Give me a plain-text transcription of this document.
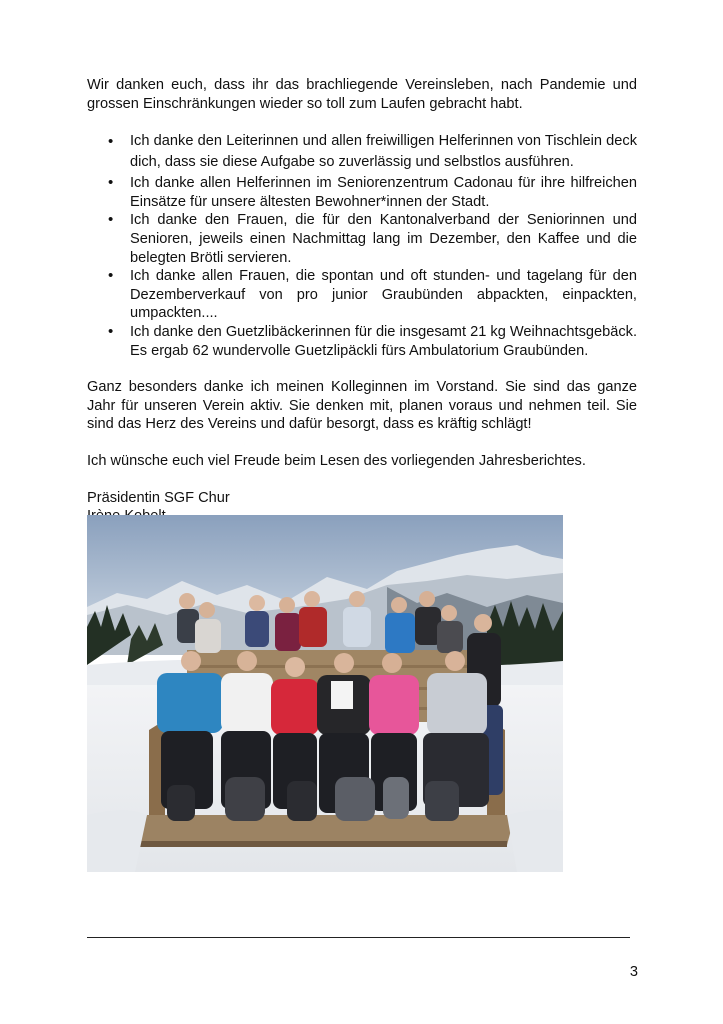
Wir danken euch, dass ihr das brachliegende Vereinsleben, nach Pandemie und grossen Einschränkungen wieder so toll zum Laufen gebracht habt.

• Ich danke den Leiterinnen und allen freiwilligen Helferinnen von Tischlein deck dich, dass sie diese Aufgabe so zuverlässig und selbstlos ausführen.
• Ich danke allen Helferinnen im Seniorenzentrum Cadonau für ihre hilfreichen Einsätze für unsere ältesten Bewohner*innen der Stadt.
• Ich danke den Frauen, die für den Kantonalverband der Seniorinnen und Senioren, jeweils einen Nachmittag lang im Dezember, den Kaffee und die belegten Brötli servieren.
• Ich danke allen Frauen, die spontan und oft stunden- und tagelang für den Dezemberverkauf von pro junior Graubünden abpackten, einpackten, umpackten....
• Ich danke den Guetzlibäckerinnen für die insgesamt 21 kg Weihnachtsgebäck. Es ergab 62 wundervolle Guetzlipäckli fürs Ambulatorium Graubünden.

Ganz besonders danke ich meinen Kolleginnen im Vorstand. Sie sind das ganze Jahr für unseren Verein aktiv. Sie denken mit, planen voraus und nehmen teil. Sie sind das Herz des Vereins und dafür besorgt, dass es kräftig schlägt!

Ich wünsche euch viel Freude beim Lesen des vorliegenden Jahresberichtes.

Präsidentin SGF Chur
3
